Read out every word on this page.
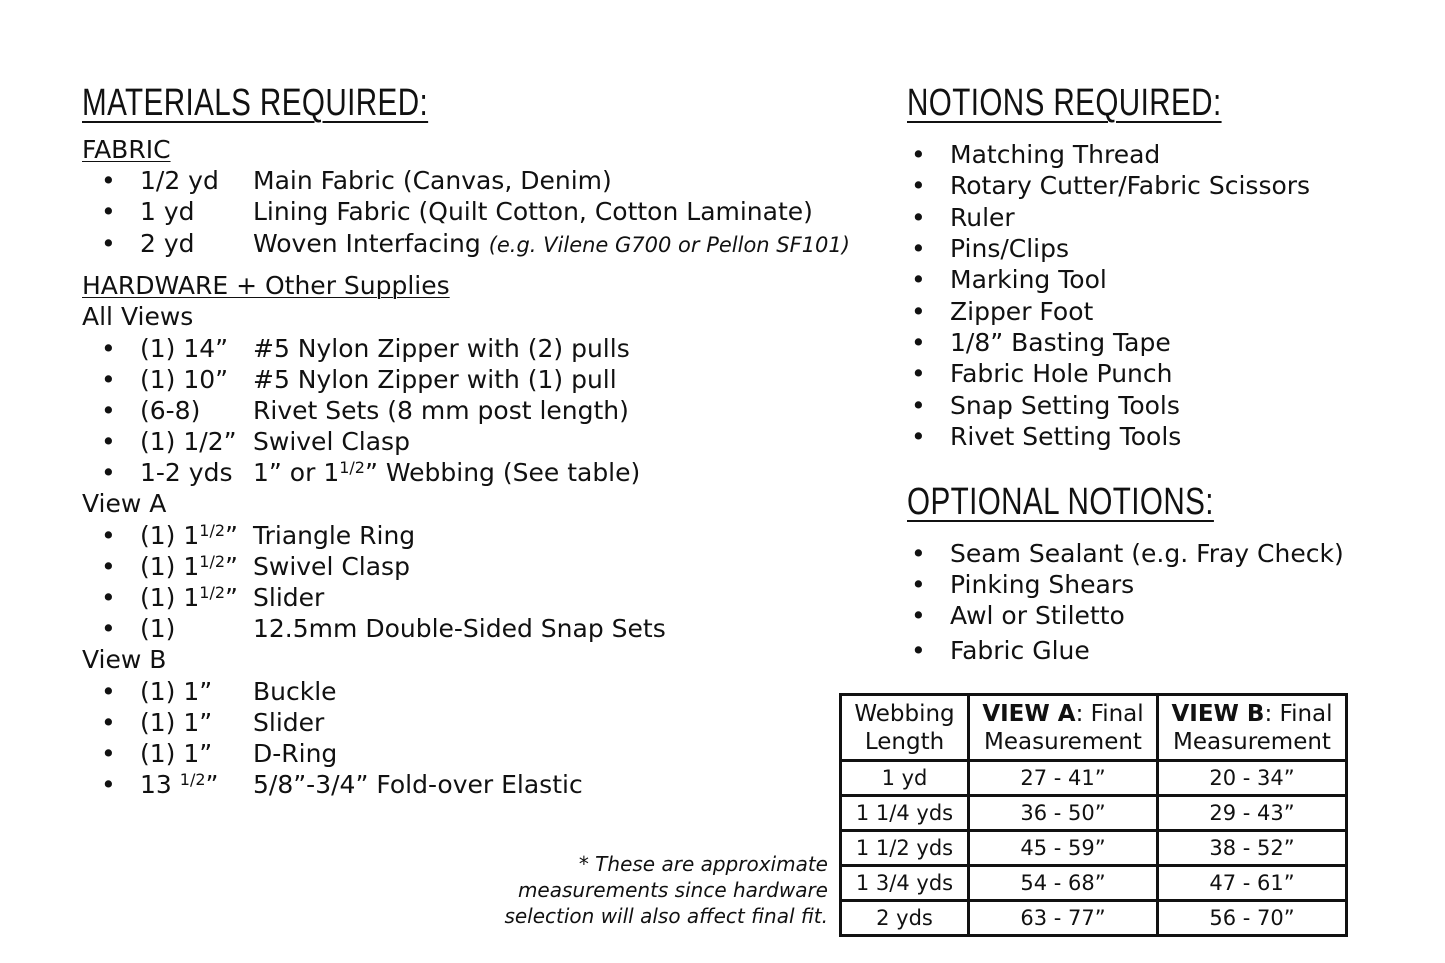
MATERIALS REQUIRED:	NOTIONS REQUIRED:
OPTIONAL NOTIONS:
FABRIC
• 1/2 yd Main Fabric (Canvas, Denim)
• 1 yd Lining Fabric (Quilt Cotton, Cotton Laminate)
• 2 yd Woven Interfacing (e.g. Vilene G700 or Pellon SF101)
HARDWARE + Other Supplies
All Views
• (1) 14” #5 Nylon Zipper with (2) pulls
• (1) 10” #5 Nylon Zipper with (1) pull
• (6-8) Rivet Sets (8 mm post length)
• (1) 1/2” Swivel Clasp
• 1-2 yds 1” or $1^{1/2}$” Webbing (See table)
View A
• (1) $1^{1/2}$” Triangle Ring
• (1) $1^{1/2}$” Swivel Clasp
• (1) $1^{1/2}$” Slider
• (1)	12.5mm Double-Sided Snap Sets
View B
• (1) 1” Buckle
• (1) 1” Slider
• (1) 1” D-Ring
• 13 $^{1/2}$” 5/8”-3/4” Fold-over Elastic
• Matching Thread
• Rotary Cutter/Fabric Scissors
• Ruler
• Pins/Clips
• Marking Tool
• Zipper Foot
• 1/8” Basting Tape
• Fabric Hole Punch
• Snap Setting Tools
• Rivet Setting Tools
• Seam Sealant (e.g. Fray Check)
• Pinking Shears
• Awl or Stiletto
• Fabric Glue
* These are approximate measurements since hardware selection will also affect final fit.
Webbing Length	VIEW A: Final Measurement	VIEW B: Final Measurement
1 yd	27 - 41”	20 - 34”
1 1/4 yds	36 - 50”	29 - 43”
1 1/2 yds	45 - 59”	38 - 52”
1 3/4 yds	54 - 68”	47 - 61”
2 yds	63 - 77”	56 - 70”
